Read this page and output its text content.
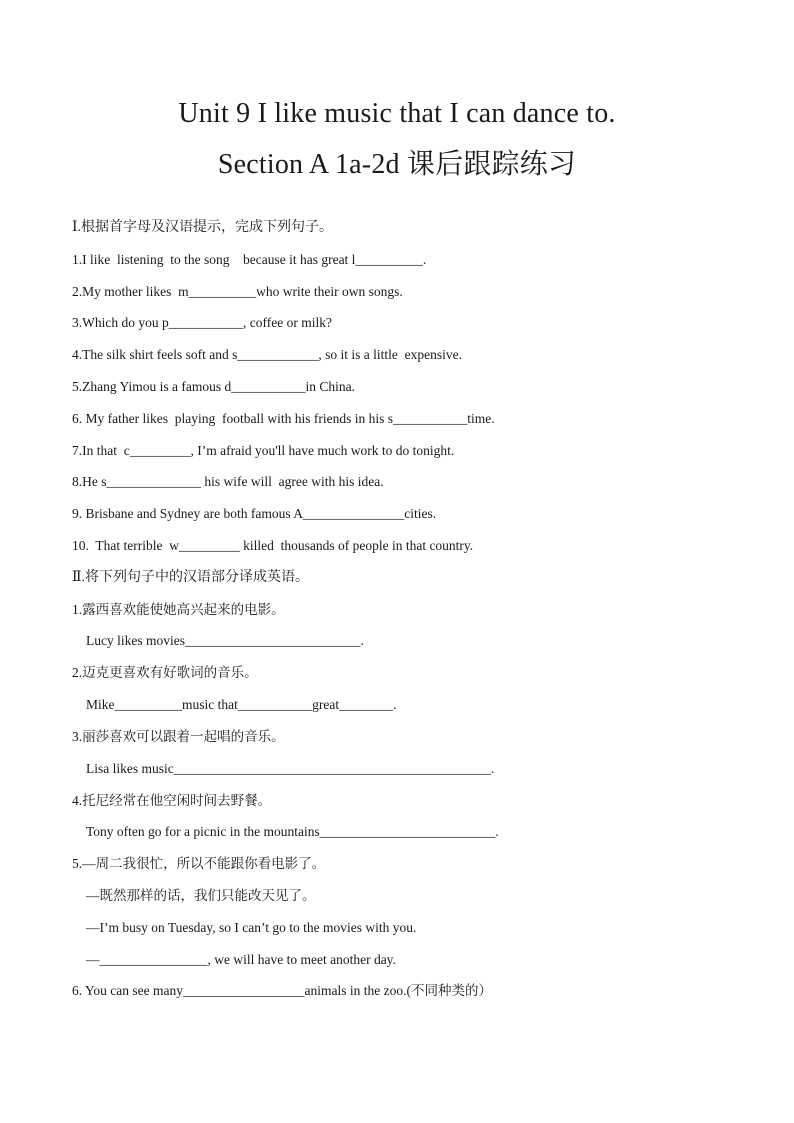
Unit 9 I like music that I can dance to.
Section A 1a-2d 课后跟踪练习
Ⅰ.根据首字母及汉语提示，完成下列句子。
1.I like  listening  to the song    because it has great l__________.
2.My mother likes  m__________who write their own songs.
3.Which do you p___________, coffee or milk?
4.The silk shirt feels soft and s____________, so it is a little  expensive.
5.Zhang Yimou is a famous d___________in China.
6. My father likes  playing  football with his friends in his s___________time.
7.In that  c_________, I’m afraid you'll have much work to do tonight.
8.He s______________ his wife will  agree with his idea.
9. Brisbane and Sydney are both famous A_______________cities.
10.  That terrible  w_________ killed  thousands of people in that country.
Ⅱ.将下列句子中的汉语部分译成英语。
1.露西喜欢能使她高兴起来的电影。
Lucy likes movies__________________________.
2.迈克更喜欢有好歌词的音乐。
Mike__________music that___________great________.
3.丽莎喜欢可以跟着一起唱的音乐。
Lisa likes music_______________________________________________.
4.托尼经常在他空闲时间去野餐。
Tony often go for a picnic in the mountains__________________________.
5.—周二我很忙，所以不能跟你看电影了。
—既然那样的话，我们只能改天见了。
—I’m busy on Tuesday, so I can’t go to the movies with you.
—________________, we will have to meet another day.
6. You can see many__________________animals in the zoo.(不同种类的）
